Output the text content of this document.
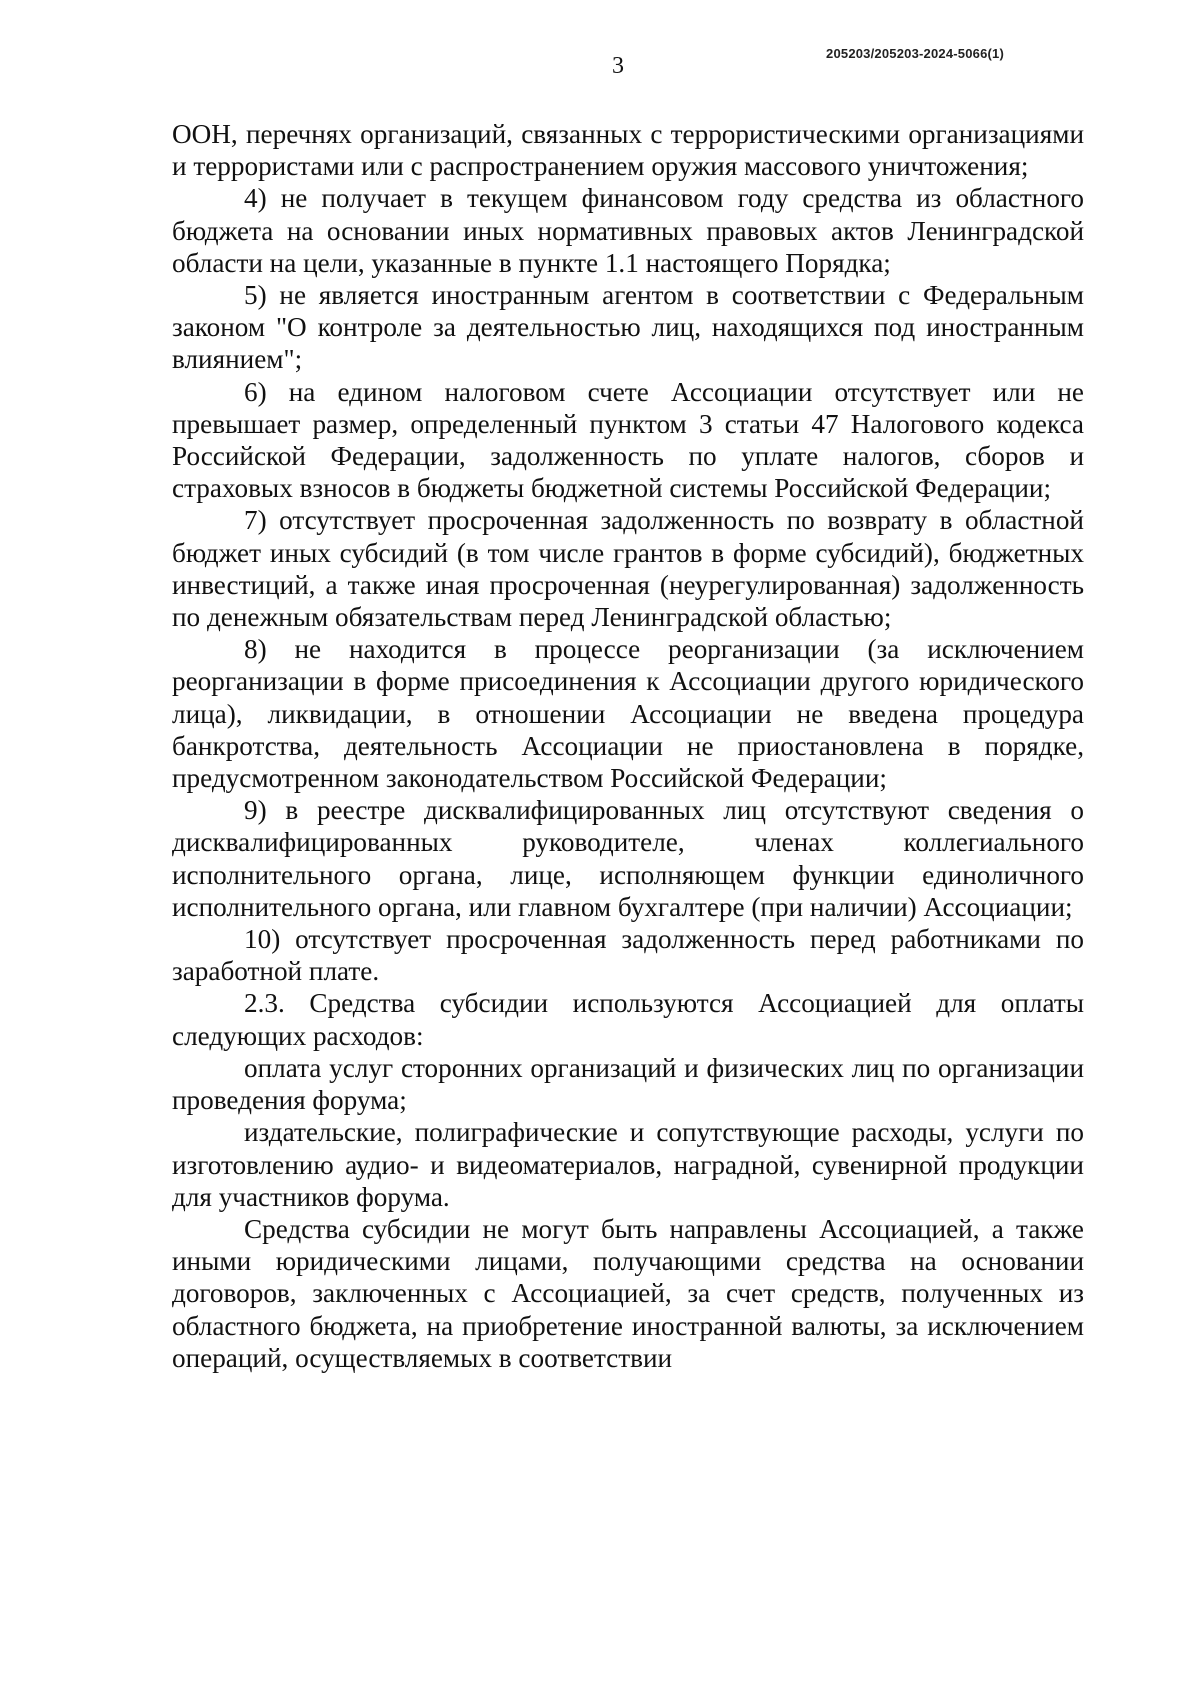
3	205203/205203-2024-5066(1)

ООН, перечнях организаций, связанных с террористическими организациями и террористами или с распространением оружия массового уничтожения;

4) не получает в текущем финансовом году средства из областного бюджета на основании иных нормативных правовых актов Ленинградской области на цели, указанные в пункте 1.1 настоящего Порядка;

5) не является иностранным агентом в соответствии с Федеральным законом "О контроле за деятельностью лиц, находящихся под иностранным влиянием";

6) на едином налоговом счете Ассоциации отсутствует или не превышает размер, определенный пунктом 3 статьи 47 Налогового кодекса Российской Федерации, задолженность по уплате налогов, сборов и страховых взносов в бюджеты бюджетной системы Российской Федерации;

7) отсутствует просроченная задолженность по возврату в областной бюджет иных субсидий (в том числе грантов в форме субсидий), бюджетных инвестиций, а также иная просроченная (неурегулированная) задолженность по денежным обязательствам перед Ленинградской областью;

8) не находится в процессе реорганизации (за исключением реорганизации в форме присоединения к Ассоциации другого юридического лица), ликвидации, в отношении Ассоциации не введена процедура банкротства, деятельность Ассоциации не приостановлена в порядке, предусмотренном законодательством Российской Федерации;

9) в реестре дисквалифицированных лиц отсутствуют сведения о дисквалифицированных руководителе, членах коллегиального исполнительного органа, лице, исполняющем функции единоличного исполнительного органа, или главном бухгалтере (при наличии) Ассоциации;

10) отсутствует просроченная задолженность перед работниками по заработной плате.

2.3. Средства субсидии используются Ассоциацией для оплаты следующих расходов:

оплата услуг сторонних организаций и физических лиц по организации проведения форума;

издательские, полиграфические и сопутствующие расходы, услуги по изготовлению аудио- и видеоматериалов, наградной, сувенирной продукции для участников форума.

Средства субсидии не могут быть направлены Ассоциацией, а также иными юридическими лицами, получающими средства на основании договоров, заключенных с Ассоциацией, за счет средств, полученных из областного бюджета, на приобретение иностранной валюты, за исключением операций, осуществляемых в соответствии
